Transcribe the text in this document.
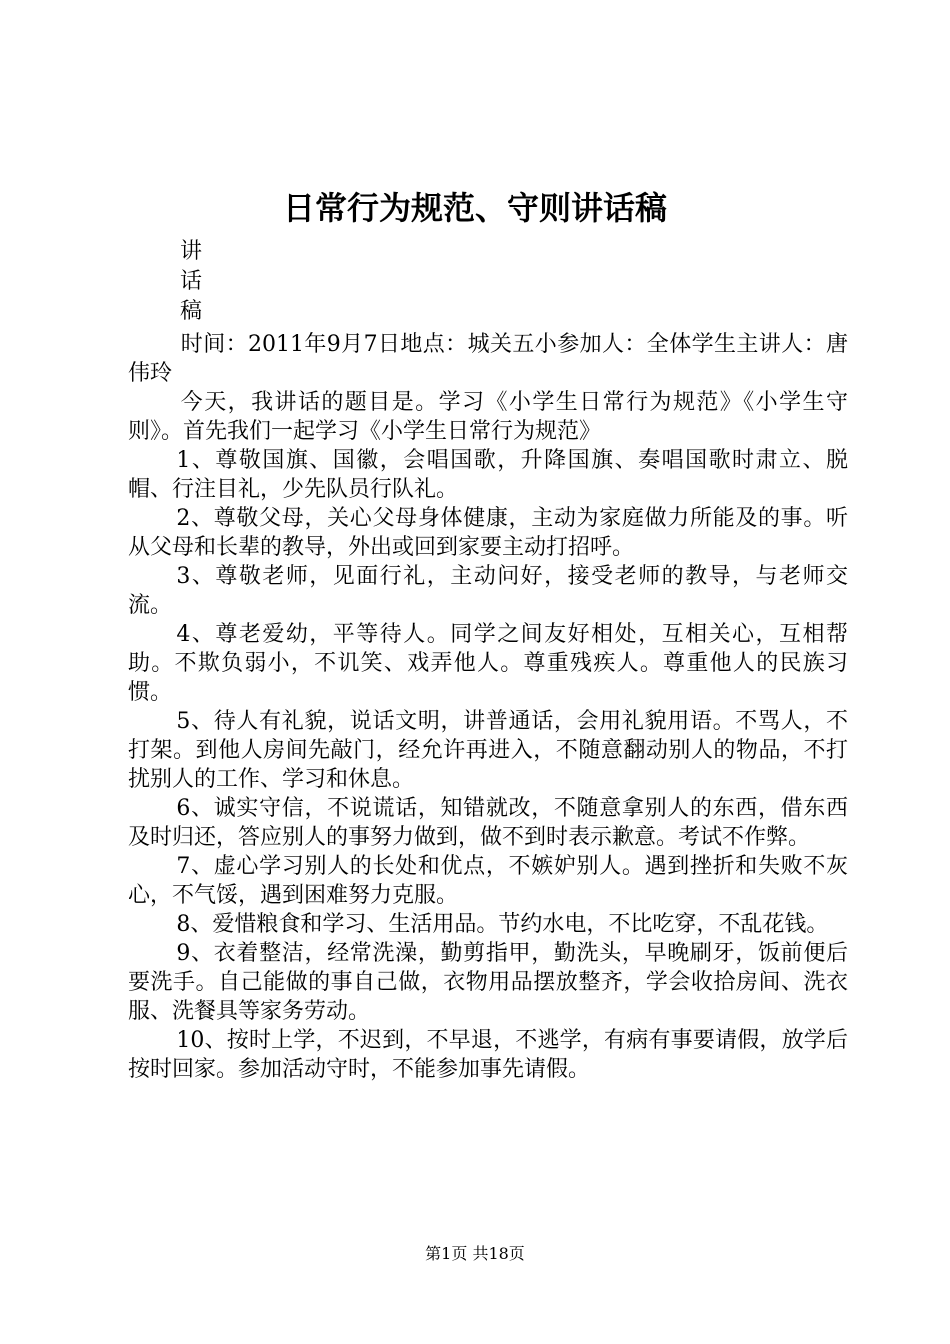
日常行为规范、守则讲话稿
讲
话
稿

时间：2011年9月7日地点：城关五小参加人：全体学生主讲人：唐伟玲

今天，我讲话的题目是。学习《小学生日常行为规范》《小学生守则》。首先我们一起学习《小学生日常行为规范》

1、尊敬国旗、国徽，会唱国歌，升降国旗、奏唱国歌时肃立、脱帽、行注目礼，少先队员行队礼。

2、尊敬父母，关心父母身体健康，主动为家庭做力所能及的事。听从父母和长辈的教导，外出或回到家要主动打招呼。

3、尊敬老师，见面行礼，主动问好，接受老师的教导，与老师交流。

4、尊老爱幼，平等待人。同学之间友好相处，互相关心，互相帮助。不欺负弱小，不讥笑、戏弄他人。尊重残疾人。尊重他人的民族习惯。

5、待人有礼貌，说话文明，讲普通话，会用礼貌用语。不骂人，不打架。到他人房间先敲门，经允许再进入，不随意翻动别人的物品，不打扰别人的工作、学习和休息。

6、诚实守信，不说谎话，知错就改，不随意拿别人的东西，借东西及时归还，答应别人的事努力做到，做不到时表示歉意。考试不作弊。

7、虚心学习别人的长处和优点，不嫉妒别人。遇到挫折和失败不灰心，不气馁，遇到困难努力克服。

8、爱惜粮食和学习、生活用品。节约水电，不比吃穿，不乱花钱。

9、衣着整洁，经常洗澡，勤剪指甲，勤洗头，早晚刷牙，饭前便后要洗手。自己能做的事自己做，衣物用品摆放整齐，学会收拾房间、洗衣服、洗餐具等家务劳动。

10、按时上学，不迟到，不早退，不逃学，有病有事要请假，放学后按时回家。参加活动守时，不能参加事先请假。

第1页 共18页
